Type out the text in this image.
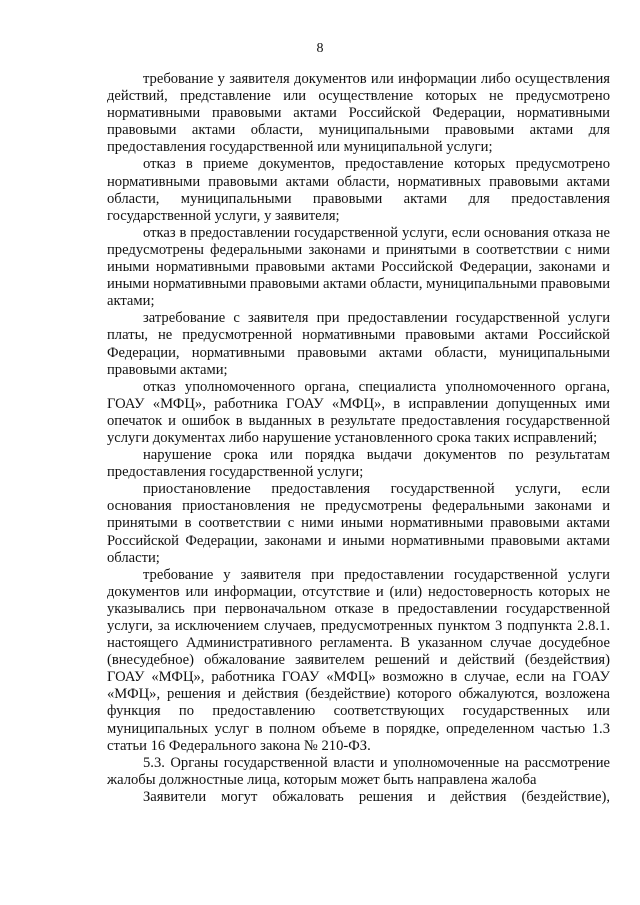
8

требование у заявителя документов или информации либо осуществления действий, представление или осуществление которых не предусмотрено нормативными правовыми актами Российской Федерации, нормативными правовыми актами области, муниципальными правовыми актами для предоставления государственной или муниципальной услуги;

отказ в приеме документов, предоставление которых предусмотрено нормативными правовыми актами области, нормативных правовыми актами области, муниципальными правовыми актами для предоставления государственной услуги, у заявителя;

отказ в предоставлении государственной услуги, если основания отказа не предусмотрены федеральными законами и принятыми в соответствии с ними иными нормативными правовыми актами Российской Федерации, законами и иными нормативными правовыми актами области, муниципальными правовыми актами;

затребование с заявителя при предоставлении государственной услуги платы, не предусмотренной нормативными правовыми актами Российской Федерации, нормативными правовыми актами области, муниципальными правовыми актами;

отказ уполномоченного органа, специалиста уполномоченного органа, ГОАУ «МФЦ», работника ГОАУ «МФЦ», в исправлении допущенных ими опечаток и ошибок в выданных в результате предоставления государственной услуги документах либо нарушение установленного срока таких исправлений;

нарушение срока или порядка выдачи документов по результатам предоставления государственной услуги;

приостановление предоставления государственной услуги, если основания приостановления не предусмотрены федеральными законами и принятыми в соответствии с ними иными нормативными правовыми актами Российской Федерации, законами и иными нормативными правовыми актами области;

требование у заявителя при предоставлении государственной услуги документов или информации, отсутствие и (или) недостоверность которых не указывались при первоначальном отказе в предоставлении государственной услуги, за исключением случаев, предусмотренных пунктом 3 подпункта 2.8.1. настоящего Административного регламента. В указанном случае досудебное (внесудебное) обжалование заявителем решений и действий (бездействия) ГОАУ «МФЦ», работника ГОАУ «МФЦ» возможно в случае, если на ГОАУ «МФЦ», решения и действия (бездействие) которого обжалуются, возложена функция по предоставлению соответствующих государственных или муниципальных услуг в полном объеме в порядке, определенном частью 1.3 статьи 16 Федерального закона № 210-ФЗ.

5.3. Органы государственной власти и уполномоченные на рассмотрение жалобы должностные лица, которым может быть направлена жалоба

Заявители могут обжаловать решения и действия (бездействие),
